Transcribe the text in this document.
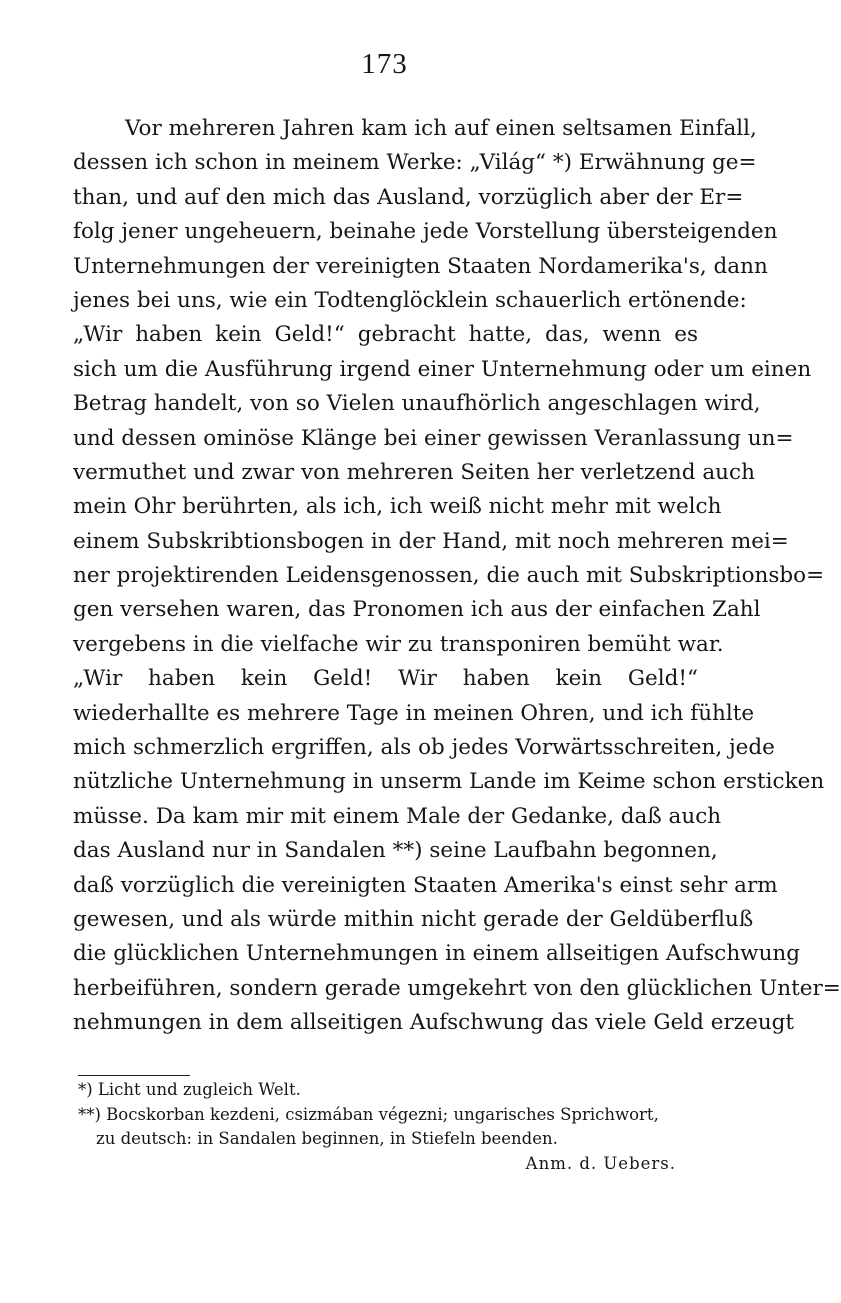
173
Vor mehreren Jahren kam ich auf einen seltsamen Einfall,
dessen ich schon in meinem Werke: „Világ“ *) Erwähnung ge=
than, und auf den mich das Ausland, vorzüglich aber der Er=
folg jener ungeheuern, beinahe jede Vorstellung übersteigenden
Unternehmungen der vereinigten Staaten Nordamerika's, dann
jenes bei uns, wie ein Todtenglöcklein schauerlich ertönende:
„Wir haben kein Geld!“ gebracht hatte, das, wenn es
sich um die Ausführung irgend einer Unternehmung oder um einen
Betrag handelt, von so Vielen unaufhörlich angeschlagen wird,
und dessen ominöse Klänge bei einer gewissen Veranlassung un=
vermuthet und zwar von mehreren Seiten her verletzend auch
mein Ohr berührten, als ich, ich weiß nicht mehr mit welch
einem Subskribtionsbogen in der Hand, mit noch mehreren mei=
ner projektirenden Leidensgenossen, die auch mit Subskriptionsbo=
gen versehen waren, das Pronomen ich aus der einfachen Zahl
vergebens in die vielfache wir zu transponiren bemüht war.
„Wir haben kein Geld! Wir haben kein Geld!“
wiederhallte es mehrere Tage in meinen Ohren, und ich fühlte
mich schmerzlich ergriffen, als ob jedes Vorwärtsschreiten, jede
nützliche Unternehmung in unserm Lande im Keime schon ersticken
müsse. Da kam mir mit einem Male der Gedanke, daß auch
das Ausland nur in Sandalen **) seine Laufbahn begonnen,
daß vorzüglich die vereinigten Staaten Amerika's einst sehr arm
gewesen, und als würde mithin nicht gerade der Geldüberfluß
die glücklichen Unternehmungen in einem allseitigen Aufschwung
herbeiführen, sondern gerade umgekehrt von den glücklichen Unter=
nehmungen in dem allseitigen Aufschwung das viele Geld erzeugt
*) Licht und zugleich Welt.
**) Bocskorban kezdeni, csizmában végezni; ungarisches Sprichwort,
zu deutsch: in Sandalen beginnen, in Stiefeln beenden.
Anm. d. Uebers.
